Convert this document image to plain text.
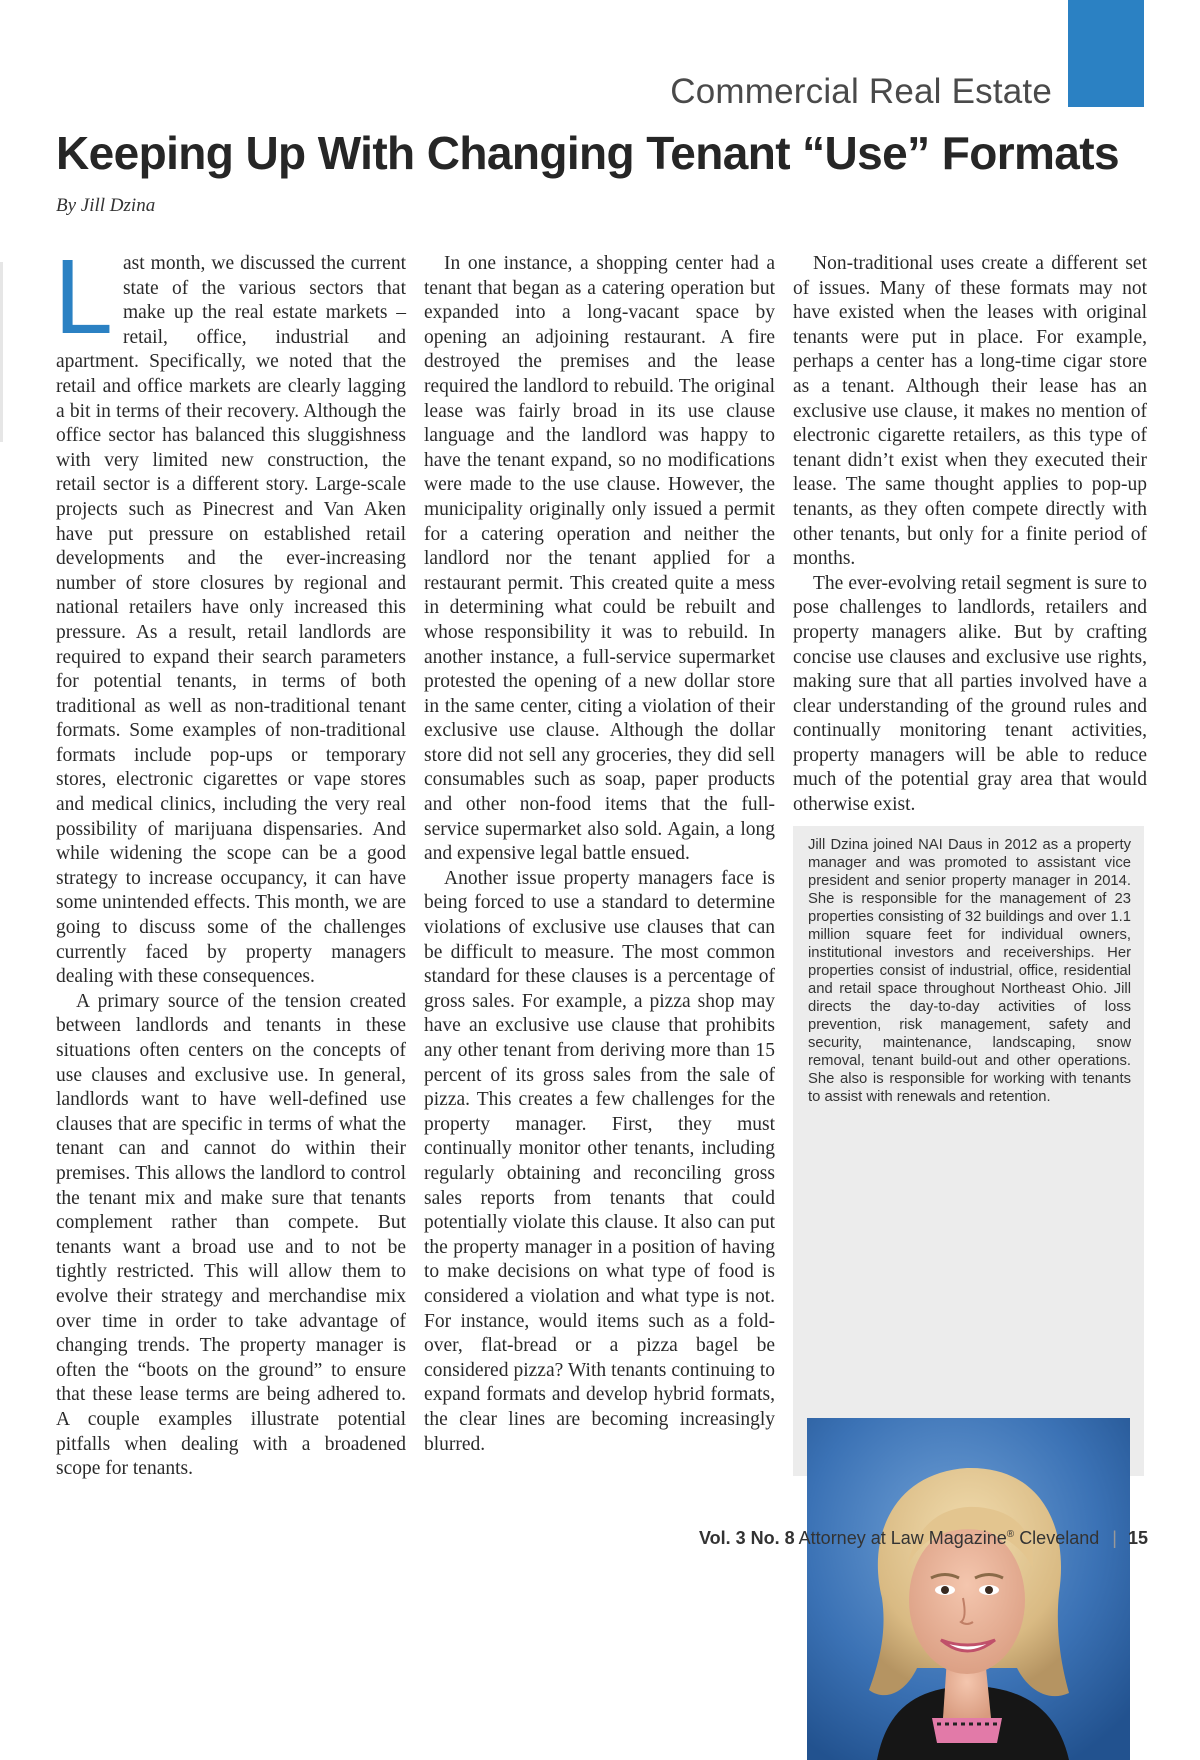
Commercial Real Estate
Keeping Up With Changing Tenant “Use” Formats
By Jill Dzina

Last month, we discussed the current state of the various sectors that make up the real estate markets – retail, office, industrial and apartment. Specifically, we noted that the retail and office markets are clearly lagging a bit in terms of their recovery. Although the office sector has balanced this sluggishness with very limited new construction, the retail sector is a different story. Large-scale projects such as Pinecrest and Van Aken have put pressure on established retail developments and the ever-increasing number of store closures by regional and national retailers have only increased this pressure. As a result, retail landlords are required to expand their search parameters for potential tenants, in terms of both traditional as well as non-traditional tenant formats. Some examples of non-traditional formats include pop-ups or temporary stores, electronic cigarettes or vape stores and medical clinics, including the very real possibility of marijuana dispensaries. And while widening the scope can be a good strategy to increase occupancy, it can have some unintended effects. This month, we are going to discuss some of the challenges currently faced by property managers dealing with these consequences.

A primary source of the tension created between landlords and tenants in these situations often centers on the concepts of use clauses and exclusive use. In general, landlords want to have well-defined use clauses that are specific in terms of what the tenant can and cannot do within their premises. This allows the landlord to control the tenant mix and make sure that tenants complement rather than compete. But tenants want a broad use and to not be tightly restricted. This will allow them to evolve their strategy and merchandise mix over time in order to take advantage of changing trends. The property manager is often the “boots on the ground” to ensure that these lease terms are being adhered to. A couple examples illustrate potential pitfalls when dealing with a broadened scope for tenants.

In one instance, a shopping center had a tenant that began as a catering operation but expanded into a long-vacant space by opening an adjoining restaurant. A fire destroyed the premises and the lease required the landlord to rebuild. The original lease was fairly broad in its use clause language and the landlord was happy to have the tenant expand, so no modifications were made to the use clause. However, the municipality originally only issued a permit for a catering operation and neither the landlord nor the tenant applied for a restaurant permit. This created quite a mess in determining what could be rebuilt and whose responsibility it was to rebuild. In another instance, a full-service supermarket protested the opening of a new dollar store in the same center, citing a violation of their exclusive use clause. Although the dollar store did not sell any groceries, they did sell consumables such as soap, paper products and other non-food items that the full-service supermarket also sold. Again, a long and expensive legal battle ensued.

Another issue property managers face is being forced to use a standard to determine violations of exclusive use clauses that can be difficult to measure. The most common standard for these clauses is a percentage of gross sales. For example, a pizza shop may have an exclusive use clause that prohibits any other tenant from deriving more than 15 percent of its gross sales from the sale of pizza. This creates a few challenges for the property manager. First, they must continually monitor other tenants, including regularly obtaining and reconciling gross sales reports from tenants that could potentially violate this clause. It also can put the property manager in a position of having to make decisions on what type of food is considered a violation and what type is not. For instance, would items such as a fold-over, flat-bread or a pizza bagel be considered pizza? With tenants continuing to expand formats and develop hybrid formats, the clear lines are becoming increasingly blurred.

Non-traditional uses create a different set of issues. Many of these formats may not have existed when the leases with original tenants were put in place. For example, perhaps a center has a long-time cigar store as a tenant. Although their lease has an exclusive use clause, it makes no mention of electronic cigarette retailers, as this type of tenant didn’t exist when they executed their lease. The same thought applies to pop-up tenants, as they often compete directly with other tenants, but only for a finite period of months.

The ever-evolving retail segment is sure to pose challenges to landlords, retailers and property managers alike. But by crafting concise use clauses and exclusive use rights, making sure that all parties involved have a clear understanding of the ground rules and continually monitoring tenant activities, property managers will be able to reduce much of the potential gray area that would otherwise exist.

Jill Dzina joined NAI Daus in 2012 as a property manager and was promoted to assistant vice president and senior property manager in 2014. She is responsible for the management of 23 properties consisting of 32 buildings and over 1.1 million square feet for individual owners, institutional investors and receiverships. Her properties consist of industrial, office, residential and retail space throughout Northeast Ohio. Jill directs the day-to-day activities of loss prevention, risk management, safety and security, maintenance, landscaping, snow removal, tenant build-out and other operations. She also is responsible for working with tenants to assist with renewals and retention.

Vol. 3 No. 8 Attorney at Law Magazine® Cleveland | 15
